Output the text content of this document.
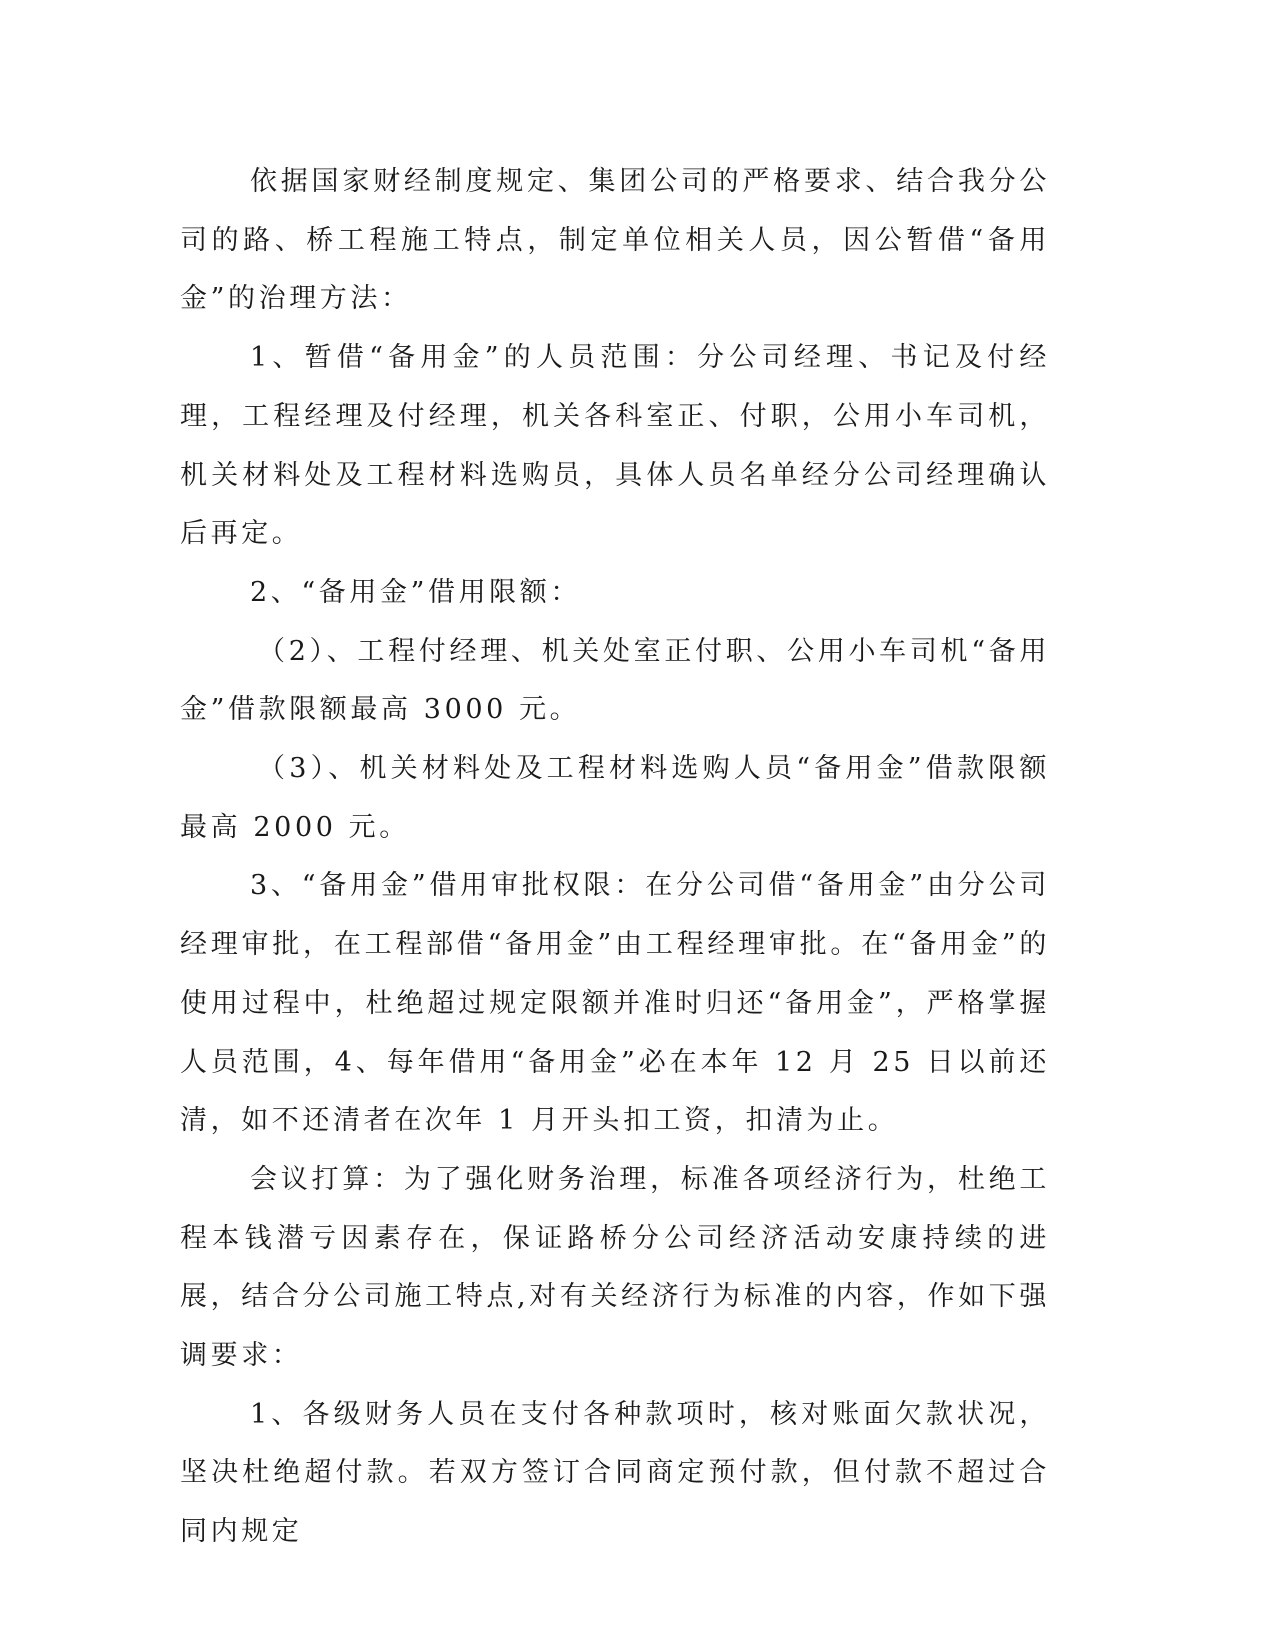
依据国家财经制度规定、集团公司的严格要求、结合我分公司的路、桥工程施工特点，制定单位相关人员，因公暂借“备用金”的治理方法：

1、暂借“备用金”的人员范围：分公司经理、书记及付经理，工程经理及付经理，机关各科室正、付职，公用小车司机，机关材料处及工程材料选购员，具体人员名单经分公司经理确认后再定。

2、“备用金”借用限额：

（2）、工程付经理、机关处室正付职、公用小车司机“备用金”借款限额最高 3000 元。

（3）、机关材料处及工程材料选购人员“备用金”借款限额最高 2000 元。

3、“备用金”借用审批权限：在分公司借“备用金”由分公司经理审批，在工程部借“备用金”由工程经理审批。在“备用金”的使用过程中，杜绝超过规定限额并准时归还“备用金”，严格掌握人员范围，4、每年借用“备用金”必在本年 12 月 25 日以前还清，如不还清者在次年 1 月开头扣工资，扣清为止。

会议打算：为了强化财务治理，标准各项经济行为，杜绝工程本钱潜亏因素存在，保证路桥分公司经济活动安康持续的进展，结合分公司施工特点,对有关经济行为标准的内容，作如下强调要求：

1、各级财务人员在支付各种款项时，核对账面欠款状况，坚决杜绝超付款。若双方签订合同商定预付款，但付款不超过合同内规定
